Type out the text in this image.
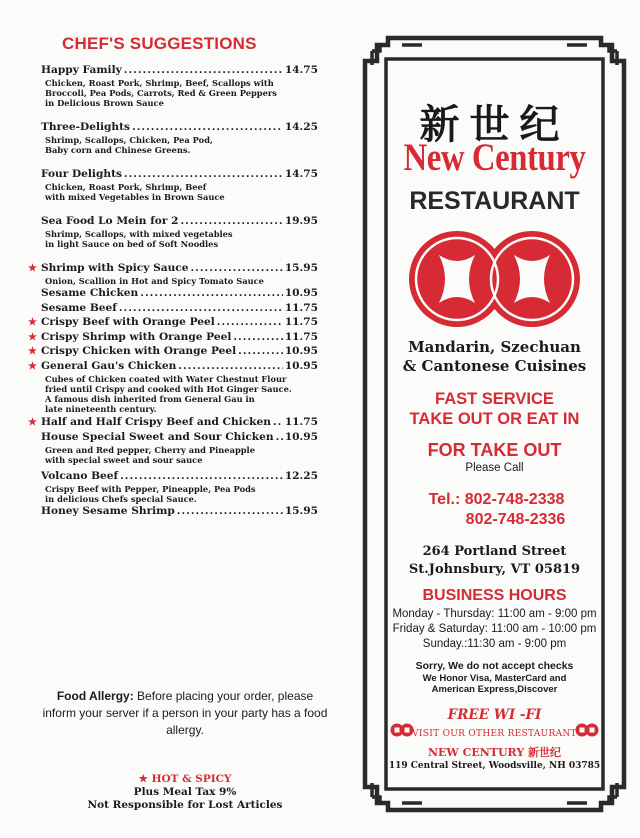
CHEF'S SUGGESTIONS
Happy Family .....	14.75
Chicken, Roast Pork, Shrimp, Beef, Scallops with
Broccoli, Pea Pods, Carrots, Red & Green Peppers
in Delicious Brown Sauce
Three-Delights .....	14.25
Shrimp, Scallops, Chicken, Pea Pod,
Baby corn and Chinese Greens.
Four Delights .....	14.75
Chicken, Roast Pork, Shrimp, Beef
with mixed Vegetables in Brown Sauce
Sea Food Lo Mein for 2 .....	19.95
Shrimp, Scallops, with mixed vegetables
in light Sauce on bed of Soft Noodles
★ Shrimp with Spicy Sauce .....	15.95
Onion, Scallion in Hot and Spicy Tomato Sauce
Sesame Chicken .....	10.95
Sesame Beef .....	11.75
★ Crispy Beef with Orange Peel .....	11.75
★ Crispy Shrimp with Orange Peel .....	11.75
★ Crispy Chicken with Orange Peel .....	10.95
★ General Gau's Chicken .....	10.95
Cubes of Chicken coated with Water Chestnut Flour
fried until Crispy and cooked with Hot Ginger Sauce.
A famous dish inherited from General Gau in
late nineteenth century.
★ Half and Half Crispy Beef and Chicken ..... 11.75
House Special Sweet and Sour Chicken ..... 10.95
Green and Red pepper, Cherry and Pineapple
with special sweet and sour sauce
Volcano Beef .....	12.25
Crispy Beef with Pepper, Pineapple, Pea Pods
in delicious Chefs special Sauce.
Honey Sesame Shrimp .....	15.95
Food Allergy: Before placing your order, please inform your server if a person in your party has a food allergy.
★ HOT & SPICY
Plus Meal Tax 9%
Not Responsible for Lost Articles
新世纪
New Century
RESTAURANT
Mandarin, Szechuan
& Cantonese Cuisines
FAST SERVICE
TAKE OUT OR EAT IN
FOR TAKE OUT
Please Call
Tel.: 802-748-2338
802-748-2336
264 Portland Street
St.Johnsbury, VT 05819
BUSINESS HOURS
Monday - Thursday: 11:00 am - 9:00 pm
Friday & Saturday: 11:00 am - 10:00 pm
Sunday.:11:30 am - 9:00 pm
Sorry, We do not accept checks
We Honor Visa, MasterCard and
American Express,Discover
FREE WI -FI
VISIT OUR OTHER RESTAURANT
NEW CENTURY 新世纪
119 Central Street, Woodsville, NH 03785
